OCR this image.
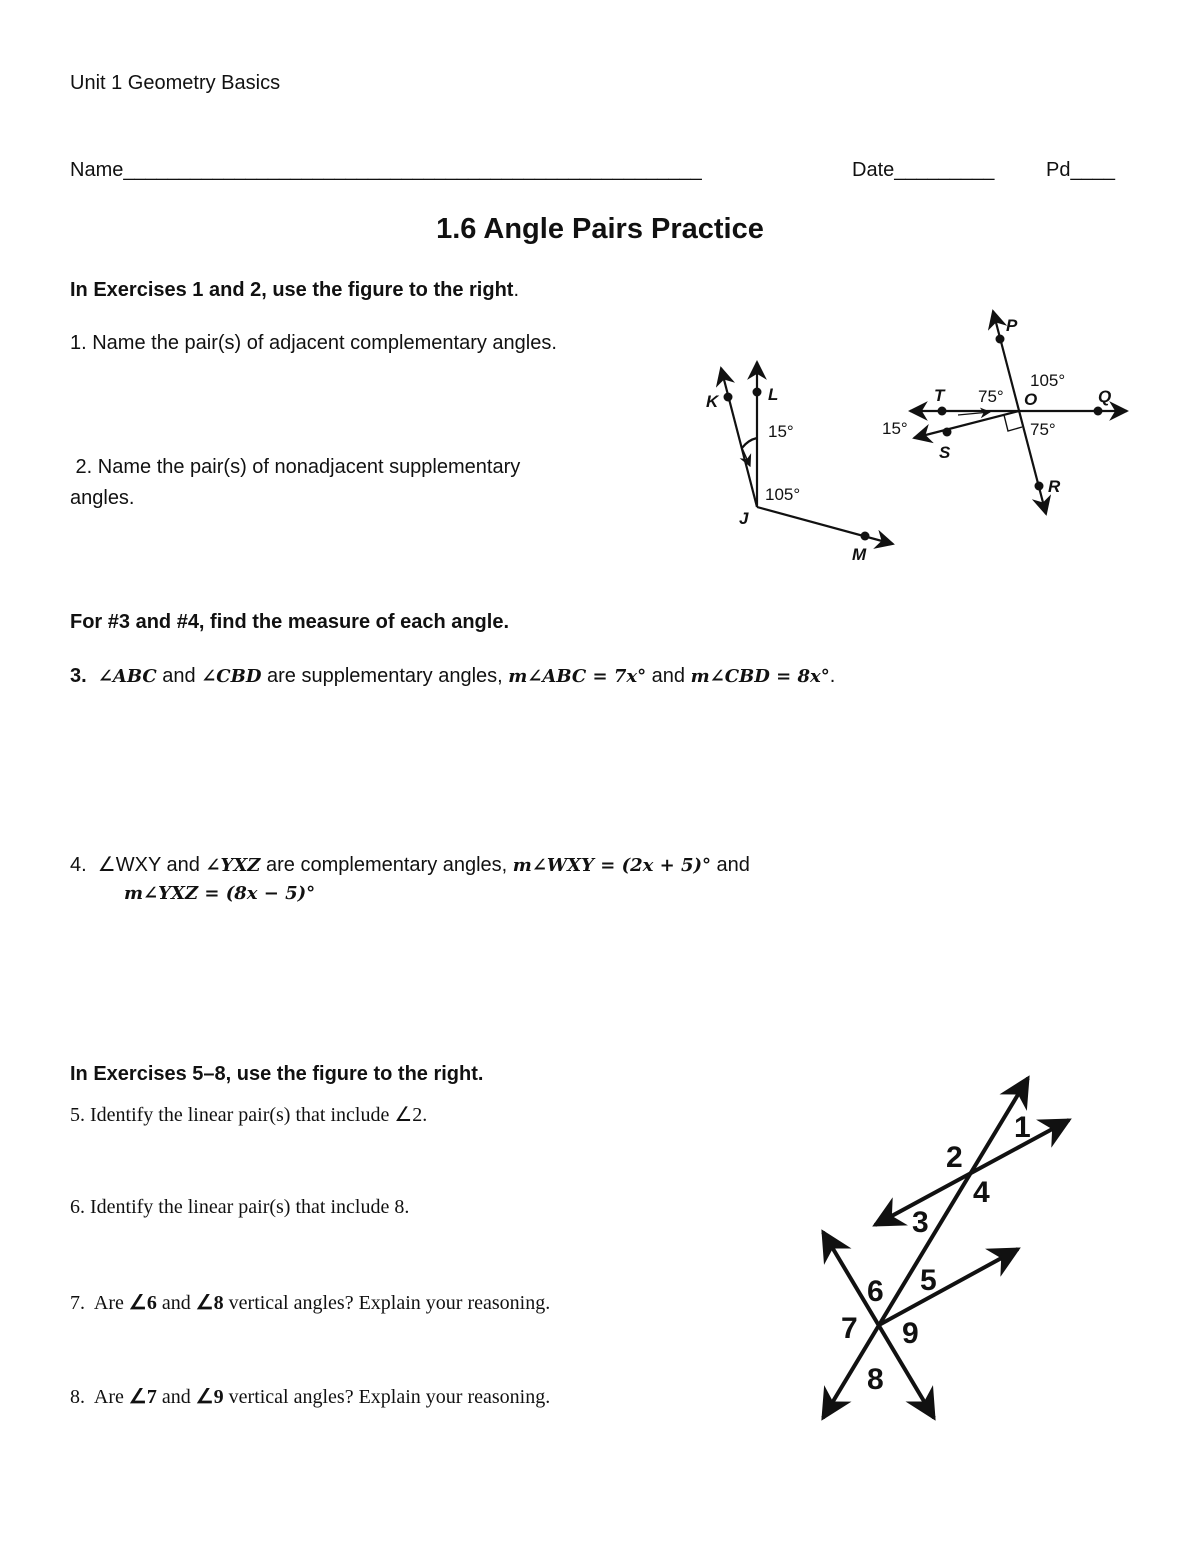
Unit 1 Geometry Basics
Name____________________________________________________	Date_________	Pd____
1.6 Angle Pairs Practice
In Exercises 1 and 2, use the figure to the right.
1. Name the pair(s) of adjacent complementary angles.
2. Name the pair(s) of nonadjacent supplementary
angles.
K	L
J
M
15°
105°
P
T	O	Q
S
R
105°
75°
75°
15°
For #3 and #4, find the measure of each angle.
3. ∠ABC and ∠CBD are supplementary angles, m∠ABC = 7x° and m∠CBD = 8x°.
4.  ∠WXY and ∠YXZ are complementary angles, m∠WXY = (2x + 5)° and
m∠YXZ = (8x − 5)°
In Exercises 5–8, use the figure to the right.
5. Identify the linear pair(s) that include ∠2.
6. Identify the linear pair(s) that include 8.
7.  Are ∠6 and ∠8 vertical angles? Explain your reasoning.
8.  Are ∠7 and ∠9 vertical angles? Explain your reasoning.
1
2
3
4
5
6
7
8
9
